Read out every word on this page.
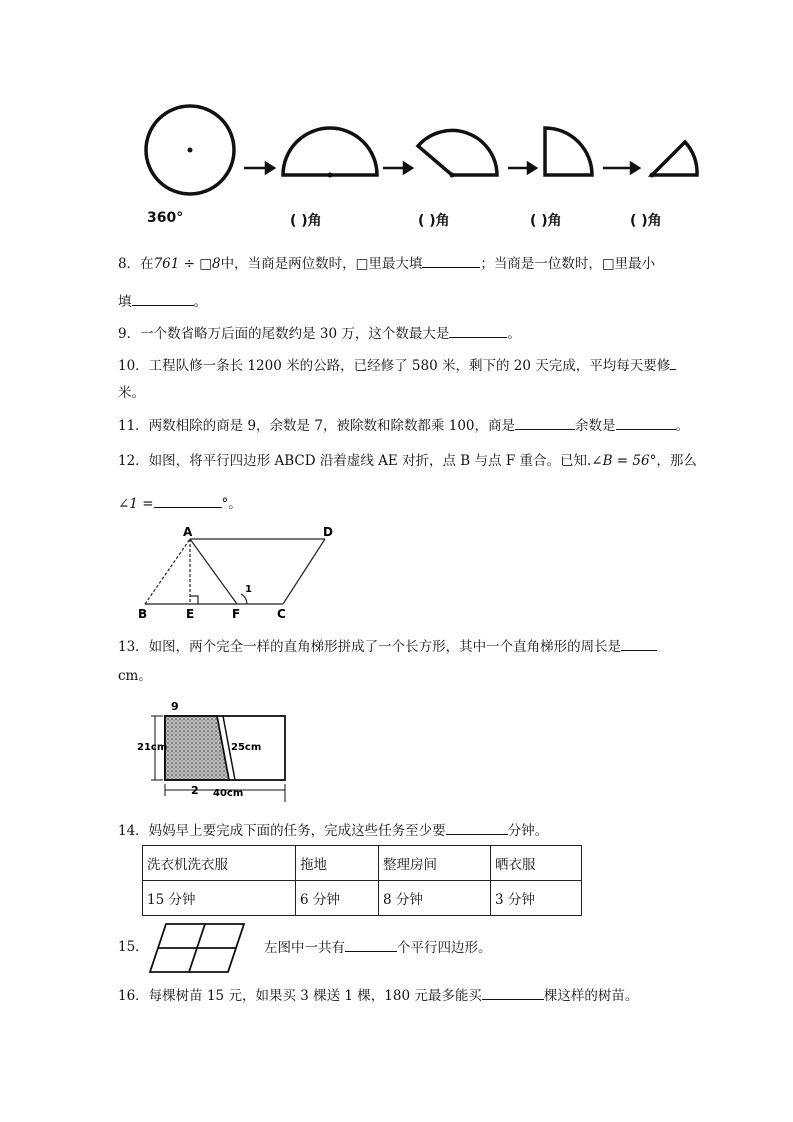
360°	( )角	( )角	( )角	( )角
8．在761 ÷ □8中，当商是两位数时，□里最大填	；当商是一位数时，□里最小
填	。
9．一个数省略万后面的尾数约是 30 万，这个数最大是	。
10．工程队修一条长 1200 米的公路，已经修了 580 米，剩下的 20 天完成，平均每天要修
米。
11．两数相除的商是 9，余数是 7，被除数和除数都乘 100，商是	余数是	。
12．如图，将平行四边形 ABCD 沿着虚线 AE 对折，点 B 与点 F 重合。已知.∠B = 56°，那么
∠1 =	°。
A	D
B	E	F	C
1
13．如图，两个完全一样的直角梯形拼成了一个长方形，其中一个直角梯形的周长是
cm。
9
21cm	25cm
2 40cm
14．妈妈早上要完成下面的任务，完成这些任务至少要	分钟。
洗衣机洗衣服	拖地	整理房间	晒衣服
15 分钟	6 分钟	8 分钟	3 分钟
15．	左图中一共有	个平行四边形。
16．每棵树苗 15 元，如果买 3 棵送 1 棵，180 元最多能买	棵这样的树苗。
